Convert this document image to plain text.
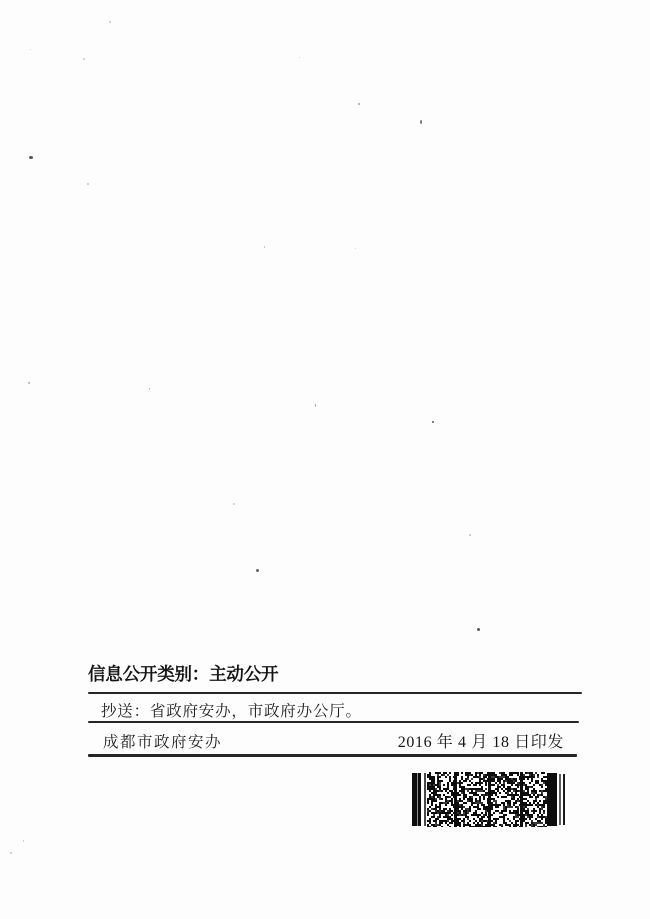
信息公开类别：主动公开
抄送：省政府安办，市政府办公厅。
成都市政府安办	2016 年 4 月 18 日印发
